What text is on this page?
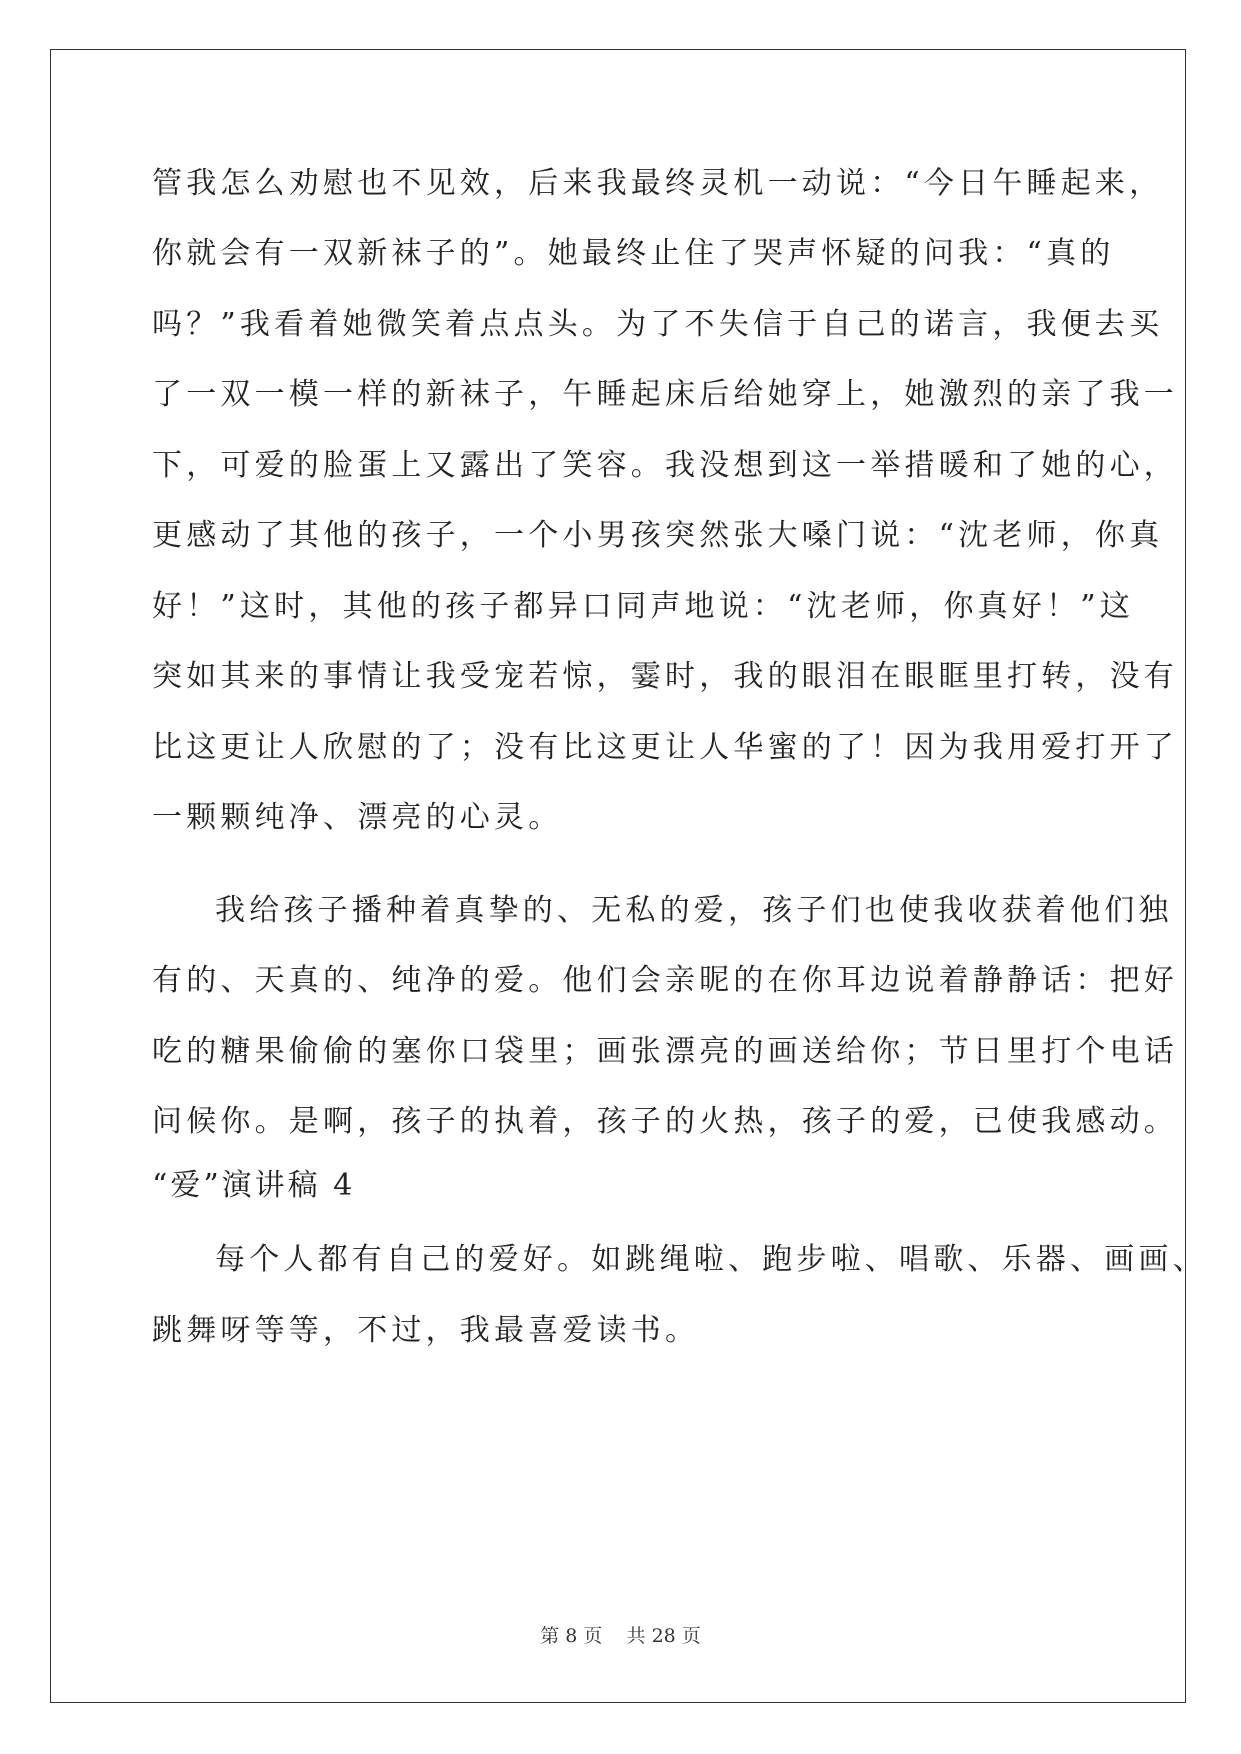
管我怎么劝慰也不见效，后来我最终灵机一动说：“今日午睡起来，
你就会有一双新袜子的”。她最终止住了哭声怀疑的问我：“真的
吗？”我看着她微笑着点点头。为了不失信于自己的诺言，我便去买
了一双一模一样的新袜子，午睡起床后给她穿上，她激烈的亲了我一
下，可爱的脸蛋上又露出了笑容。我没想到这一举措暖和了她的心，
更感动了其他的孩子，一个小男孩突然张大嗓门说：“沈老师，你真
好！”这时，其他的孩子都异口同声地说：“沈老师，你真好！”这
突如其来的事情让我受宠若惊，霎时，我的眼泪在眼眶里打转，没有
比这更让人欣慰的了；没有比这更让人华蜜的了！因为我用爱打开了
一颗颗纯净、漂亮的心灵。
我给孩子播种着真挚的、无私的爱，孩子们也使我收获着他们独
有的、天真的、纯净的爱。他们会亲昵的在你耳边说着静静话：把好
吃的糖果偷偷的塞你口袋里；画张漂亮的画送给你；节日里打个电话
问候你。是啊，孩子的执着，孩子的火热，孩子的爱，已使我感动。
“爱”演讲稿 4
每个人都有自己的爱好。如跳绳啦、跑步啦、唱歌、乐器、画画、
跳舞呀等等，不过，我最喜爱读书。
第 8 页 共 28 页
